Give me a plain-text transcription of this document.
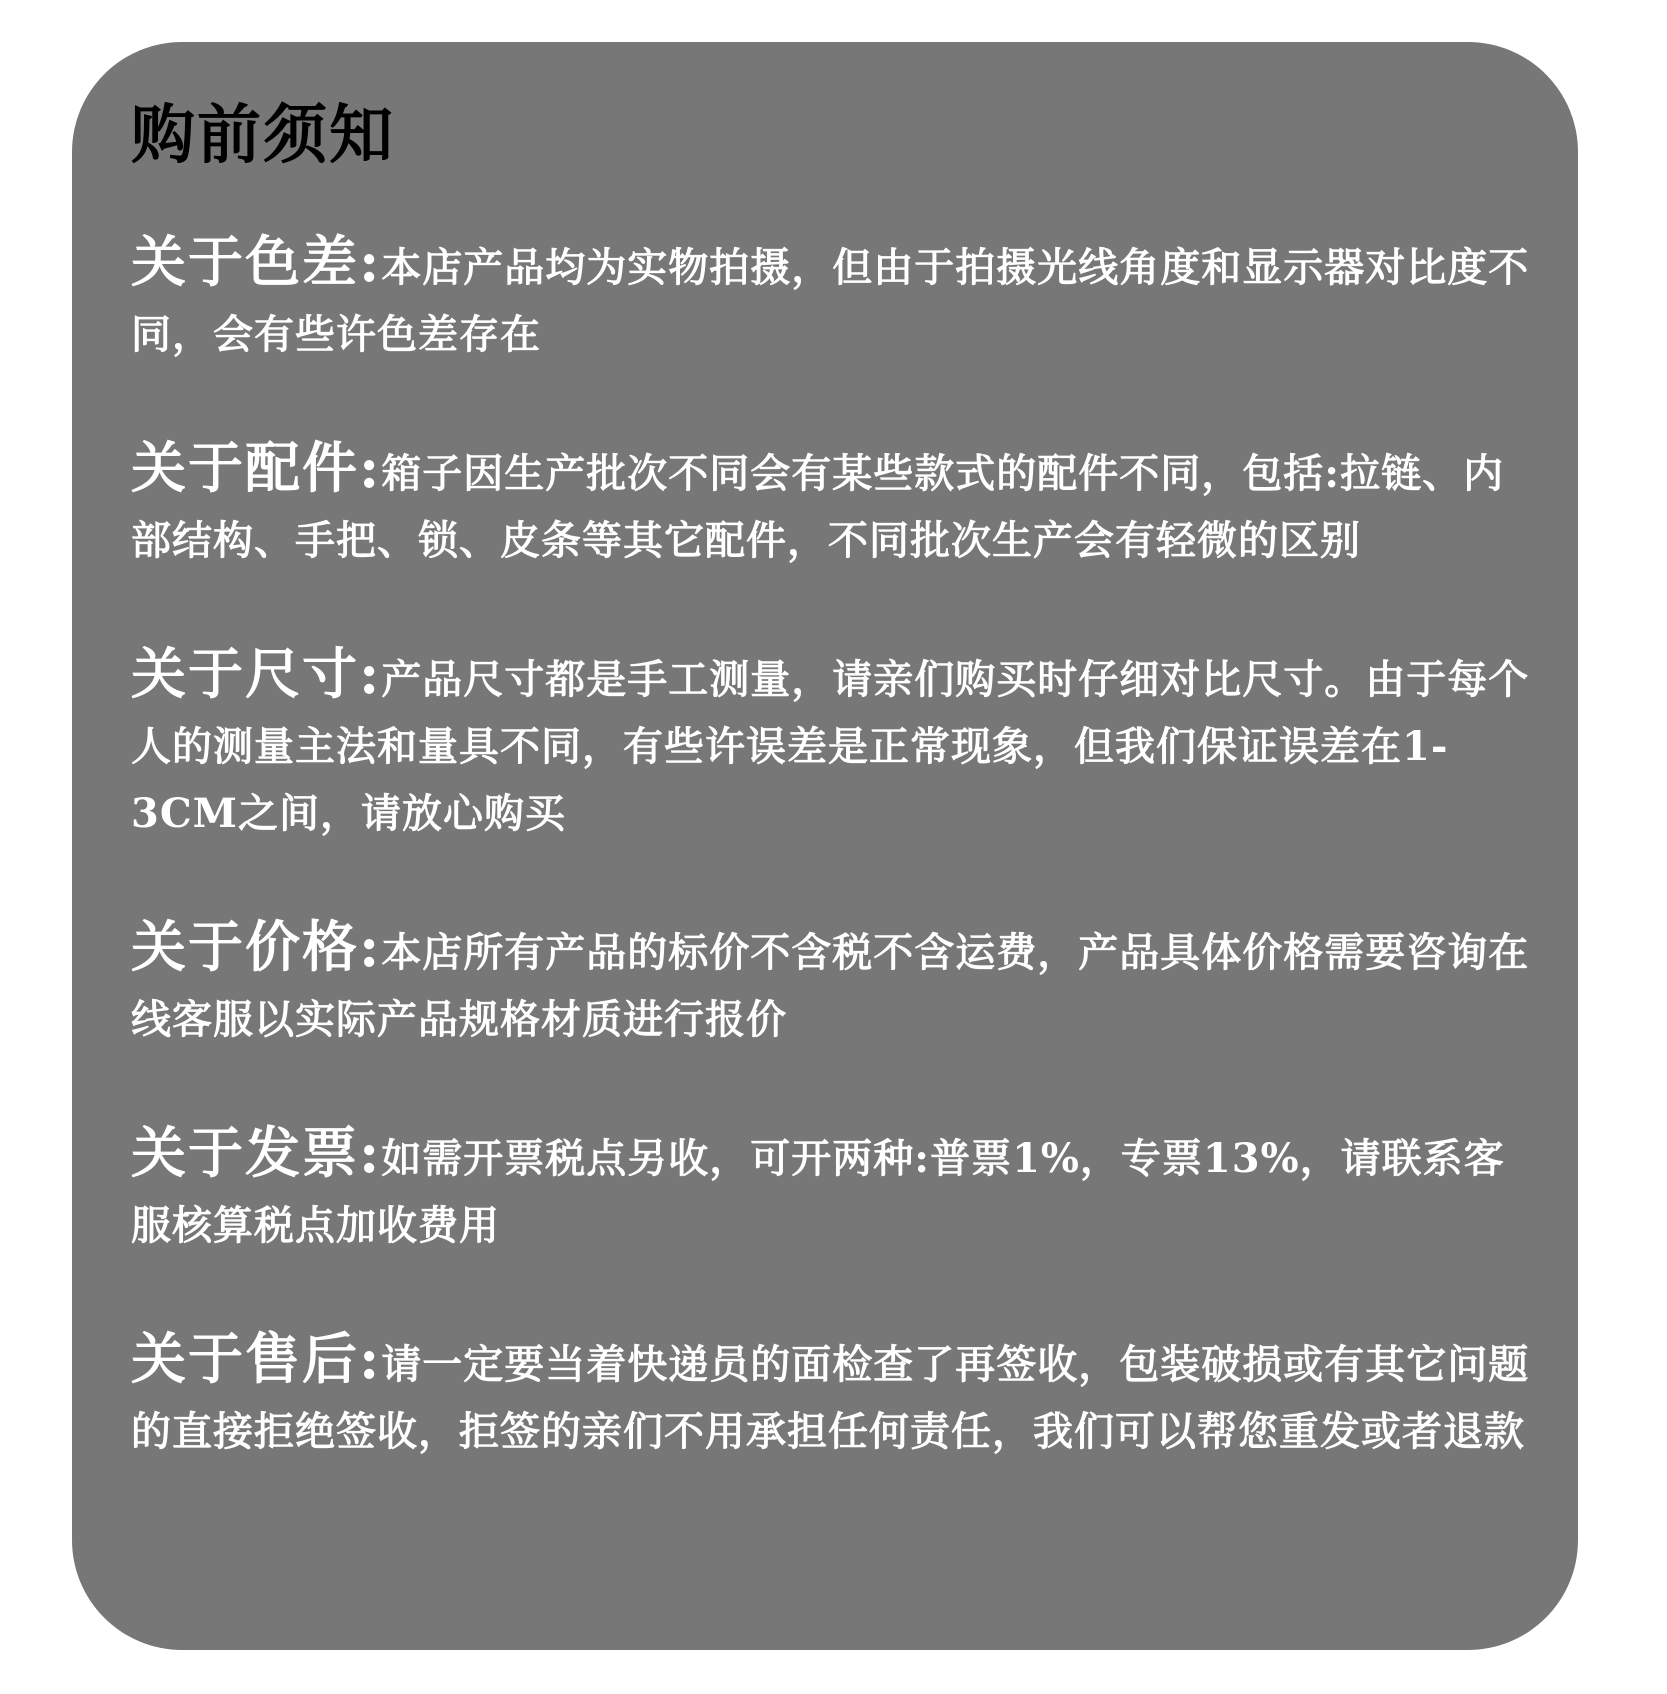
购前须知

关于色差:本店产品均为实物拍摄，但由于拍摄光线角度和显示器对比度不同，会有些许色差存在

关于配件:箱子因生产批次不同会有某些款式的配件不同，包括:拉链、内部结构、手把、锁、皮条等其它配件，不同批次生产会有轻微的区别

关于尺寸:产品尺寸都是手工测量，请亲们购买时仔细对比尺寸。由于每个人的测量主法和量具不同，有些许误差是正常现象，但我们保证误差在1-3CM之间，请放心购买

关于价格:本店所有产品的标价不含税不含运费，产品具体价格需要咨询在线客服以实际产品规格材质进行报价

关于发票:如需开票税点另收，可开两种:普票1%，专票13%，请联系客服核算税点加收费用

关于售后:请一定要当着快递员的面检查了再签收，包装破损或有其它问题的直接拒绝签收，拒签的亲们不用承担任何责任，我们可以帮您重发或者退款
